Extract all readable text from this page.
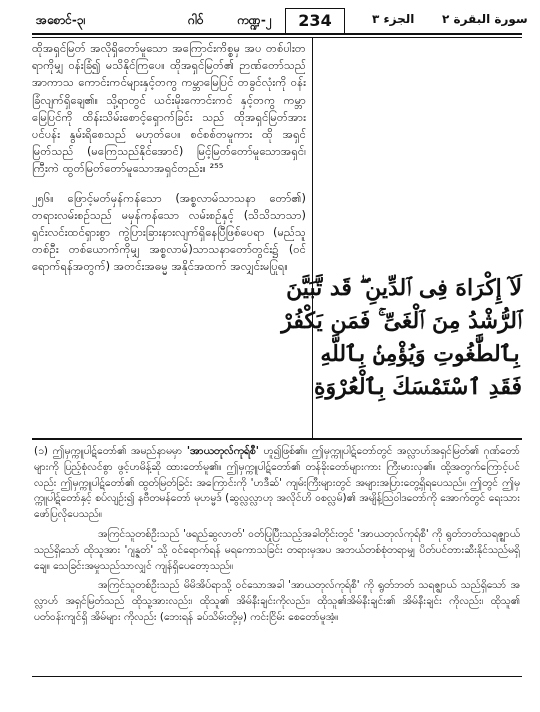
အစောင်-၃၊	ဂါဝ်	ကဏ္ဍ-၂	234	الجزء ۳ سورة البقرة ۲

ထိုအရှင်မြတ် အလိုရှိတော်မူသော အကြောင်းကိစ္စမှ အပ တစ်ပါးတရာကိုမျှ ဝန်းခြံ၍ မသိနိုင်ကြပေ။ ထိုအရှင်မြတ်၏ ဉာဏ်တော်သည် အာကာသ ကောင်းကင်များနှင့်တကွ ကမ္ဘာမြေပြင် တခွင်လုံးကို ဝန်းခြံလျက်ရှိချေ၏။ သို့ရာတွင် ယင်းမိုးကောင်းကင် နှင့်တကွ ကမ္ဘာမြေပြင်ကို ထိန်းသိမ်းစောင့်ရှောက်ခြင်း သည် ထိုအရှင်မြတ်အား ပင်ပန်း နွမ်းရိစေသည် မဟုတ်ပေ။ စင်စစ်တမူကား ထို အရှင်မြတ်သည် (မကြေသည်နိုင်အောင်) မြင့်မြတ်တော်မူသောအရှင်၊ ကြီးကဲ ထွတ်မြတ်တော်မူသောအရှင်တည်း။ ²⁵⁵

၂၅၆။ ဖြောင့်မတ်မှန်ကန်သော (အစ္စလာမ်သာသနာ တော်၏) တရားလမ်းစဉ်သည် မမှန်ကန်သော လမ်းစဉ်နှင့် (သိသိသာသာ) ရှင်းလင်းထင်ရှားစွာ ကွဲပြားခြားနားလျက်ရှိနေပြီဖြစ်ပေရာ (မည်သူတစ်ဦး တစ်ယောက်ကိုမျှ အစ္စလာမ်)သာသနာတော်တွင်း၌ (ဝင်ရောက်ရန်အတွက်) အတင်းအဓမ္မ အနိုင်အထက် အလျှင်းမပြုရ။

لَآ إِكْرَاهَ فِى ٱلدِّينِ ۖ قَد تَّبَيَّنَ
ٱلرُّشْدُ مِنَ ٱلْغَىِّ ۚ فَمَن يَكْفُرْ
بِٱلطَّٰغُوتِ وَيُؤْمِنۢ بِٱللَّهِ
فَقَدِ ٱسْتَمْسَكَ بِٱلْعُرْوَةِ

(၁) ဤမှက္ကူပါဋ်တော်၏ အမည်နာမမှာ 'အာယတုလ်ကုရ်စီ' ဟူ၍ဖြစ်၏။ ဤမှက္ကူပါဋ်တော်တွင် အလ္လာဟ်အရှင်မြတ်၏ ဂုဏ်တော်များကို ပြည့်စုံလင်စွာ ဖွင့်ဟမိန့်ဆို ထားတော်မူ၏။ ဤမှက္ကူပါဋ်တော်၏ တန်ခိုးတော်များကား ကြီးမားလှ၏။ ထို့အတွက်ကြောင့်ပင်လည်း ဤမှက္ကူပါဋ်တော်၏ ထွတ်မြတ်ခြင်း အကြောင်းကို 'ဟဒီဆ်' ကျမ်းကြီးများတွင် အများအပြားတွေ့ရှိရပေသည်။ ဤတွင် ဤမှက္ကူပါဋ်တော်နှင့် စပ်လျဉ်း၍ နဗီတမန်တော် မုဟမ္မဒ် (ဆွလ္လလ္လာဟု အလိုင်ဟိ ဝစလ္လမ်)၏ အမျိန့်သြဝါဒတော်ကို အောက်တွင် ရေးသား ဖော်ပြလိုပေသည်။

အကြင်သူတစ်ဦးသည် 'ဖရည်ဆွလာတ်' ဝတ်ပြုပြီးသည့်အခါတိုင်းတွင် 'အာယတုလ်ကုရ်စီ' ကို ရွတ်ဘတ်သရဇ္ဈာယ်သည်ရှိသော် ထိုသူအား 'ဂျန္နတ်' သို့ ဝင်ရောက်ရန် မရကောသခြင်း တရားမှအပ အဘယ်တစ်စုံတရာမျှ ပိတ်ပင်တားဆီးနိုင်သည်မရှိချေ။ သေခြင်းအမှုသည်သာလျှင် ကျန်ရှိပေတော့သည်။

အကြင်သူတစ်ဦးသည် မိမိအိပ်ရာသို့ ဝင်သောအခါ 'အာယတုလ်ကုရ်စီ' ကို ရွတ်ဘတ် သရဇ္ဈာယ် သည်ရှိသော် အလ္လာဟ် အရှင်မြတ်သည် ထိုသူ့အားလည်း၊ ထိုသူ၏ အိမ်နီးချင်းကိုလည်း၊ ထိုသူ၏အိမ်နီးချင်း၏ အိမ်နီးချင်း ကိုလည်း၊ ထိုသူ၏ ပတ်ဝန်းကျင်ရှိ အိမ်များ ကိုလည်း (ဘေးရန် ခပ်သိမ်းတို့မှ) ကင်းငြိမ်း စေတော်မူအံ့။
